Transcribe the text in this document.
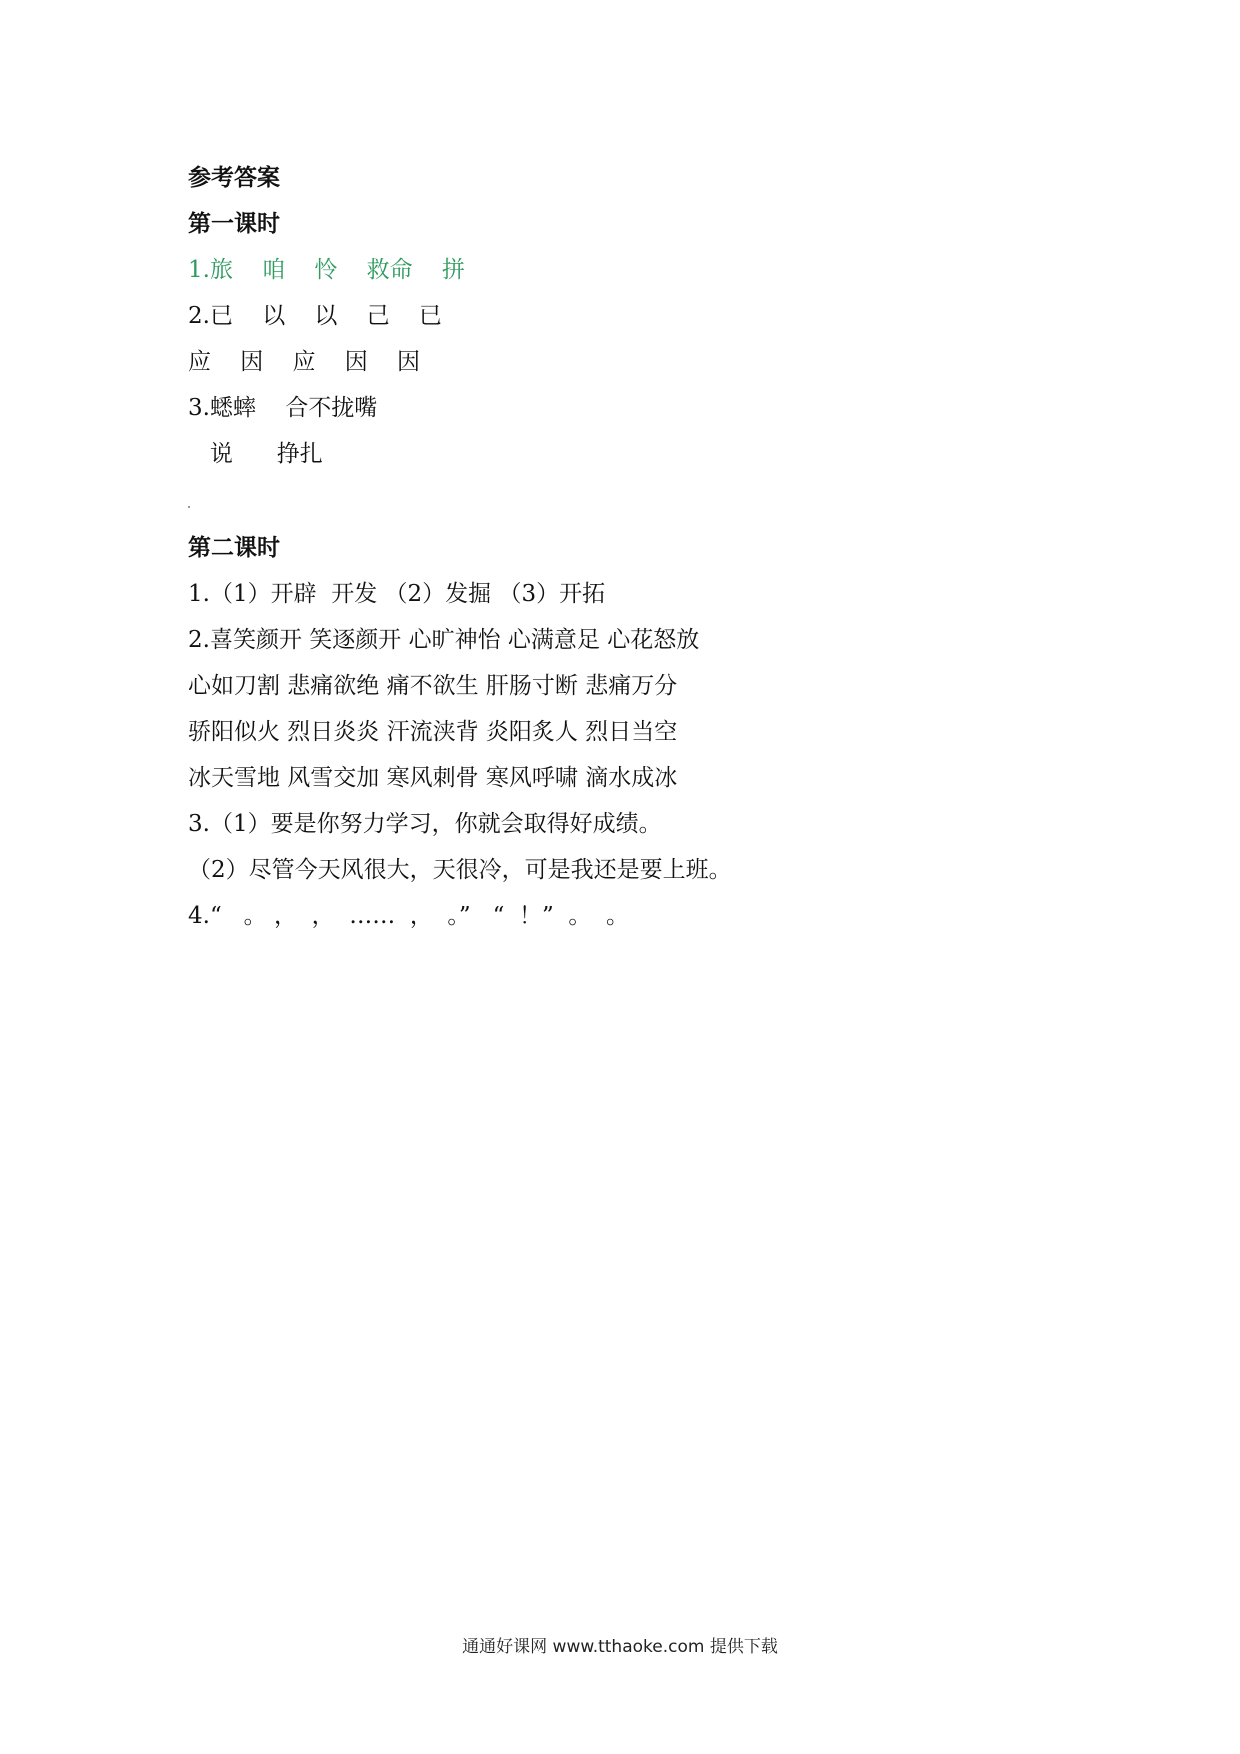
参考答案
第一课时
1.旅    咱    怜    救命    拼
2.已    以    以    己    已
应    因    应    因    因
3.蟋蟀    合不拢嘴
说      挣扎
第二课时
1.（1）开辟  开发 （2）发掘 （3）开拓
2.喜笑颜开 笑逐颜开 心旷神怡 心满意足 心花怒放
心如刀割 悲痛欲绝 痛不欲生 肝肠寸断 悲痛万分
骄阳似火 烈日炎炎 汗流浃背 炎阳炙人 烈日当空
冰天雪地 风雪交加 寒风刺骨 寒风呼啸 滴水成冰
3.（1）要是你努力学习，你就会取得好成绩。
（2）尽管今天风很大，天很冷，可是我还是要上班。
4.“   。 ，  ，  ……  ，  。”   “  ！”  。  。
通通好课网 www.tthaoke.com 提供下载
